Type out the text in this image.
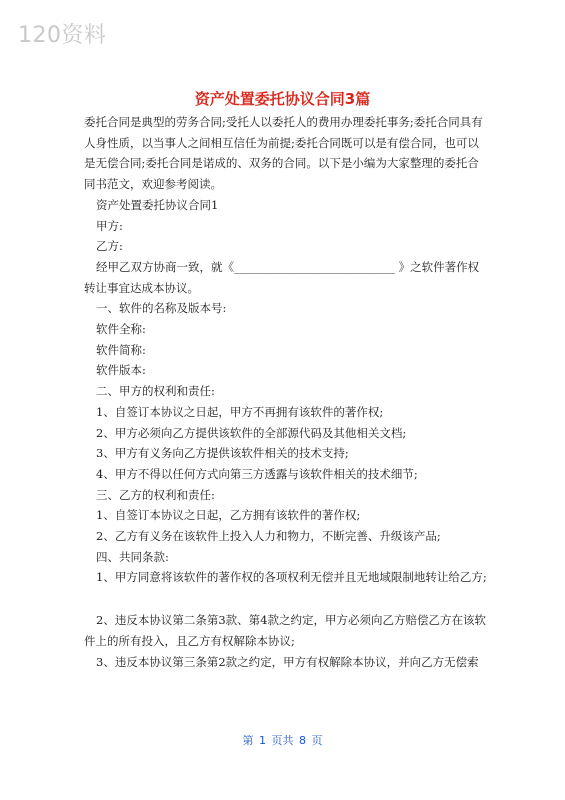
120资料
资产处置委托协议合同3篇

委托合同是典型的劳务合同;受托人以委托人的费用办理委托事务;委托合同具有人身性质，以当事人之间相互信任为前提;委托合同既可以是有偿合同，也可以是无偿合同;委托合同是诺成的、双务的合同。以下是小编为大家整理的委托合同书范文，欢迎参考阅读。

资产处置委托协议合同1

甲方:

乙方:

经甲乙双方协商一致，就《____________________________ 》之软件著作权转让事宜达成本协议。

一、软件的名称及版本号:

软件全称:

软件简称:

软件版本:

二、甲方的权利和责任:

1、自签订本协议之日起，甲方不再拥有该软件的著作权;

2、甲方必须向乙方提供该软件的全部源代码及其他相关文档;

3、甲方有义务向乙方提供该软件相关的技术支持;

4、甲方不得以任何方式向第三方透露与该软件相关的技术细节;

三、乙方的权利和责任:

1、自签订本协议之日起，乙方拥有该软件的著作权;

2、乙方有义务在该软件上投入人力和物力，不断完善、升级该产品;

四、共同条款:

1、甲方同意将该软件的著作权的各项权利无偿并且无地域限制地转让给乙方;

2、违反本协议第二条第3款、第4款之约定，甲方必须向乙方赔偿乙方在该软件上的所有投入，且乙方有权解除本协议;

3、违反本协议第三条第2款之约定，甲方有权解除本协议，并向乙方无偿索

第 1 页共 8 页
